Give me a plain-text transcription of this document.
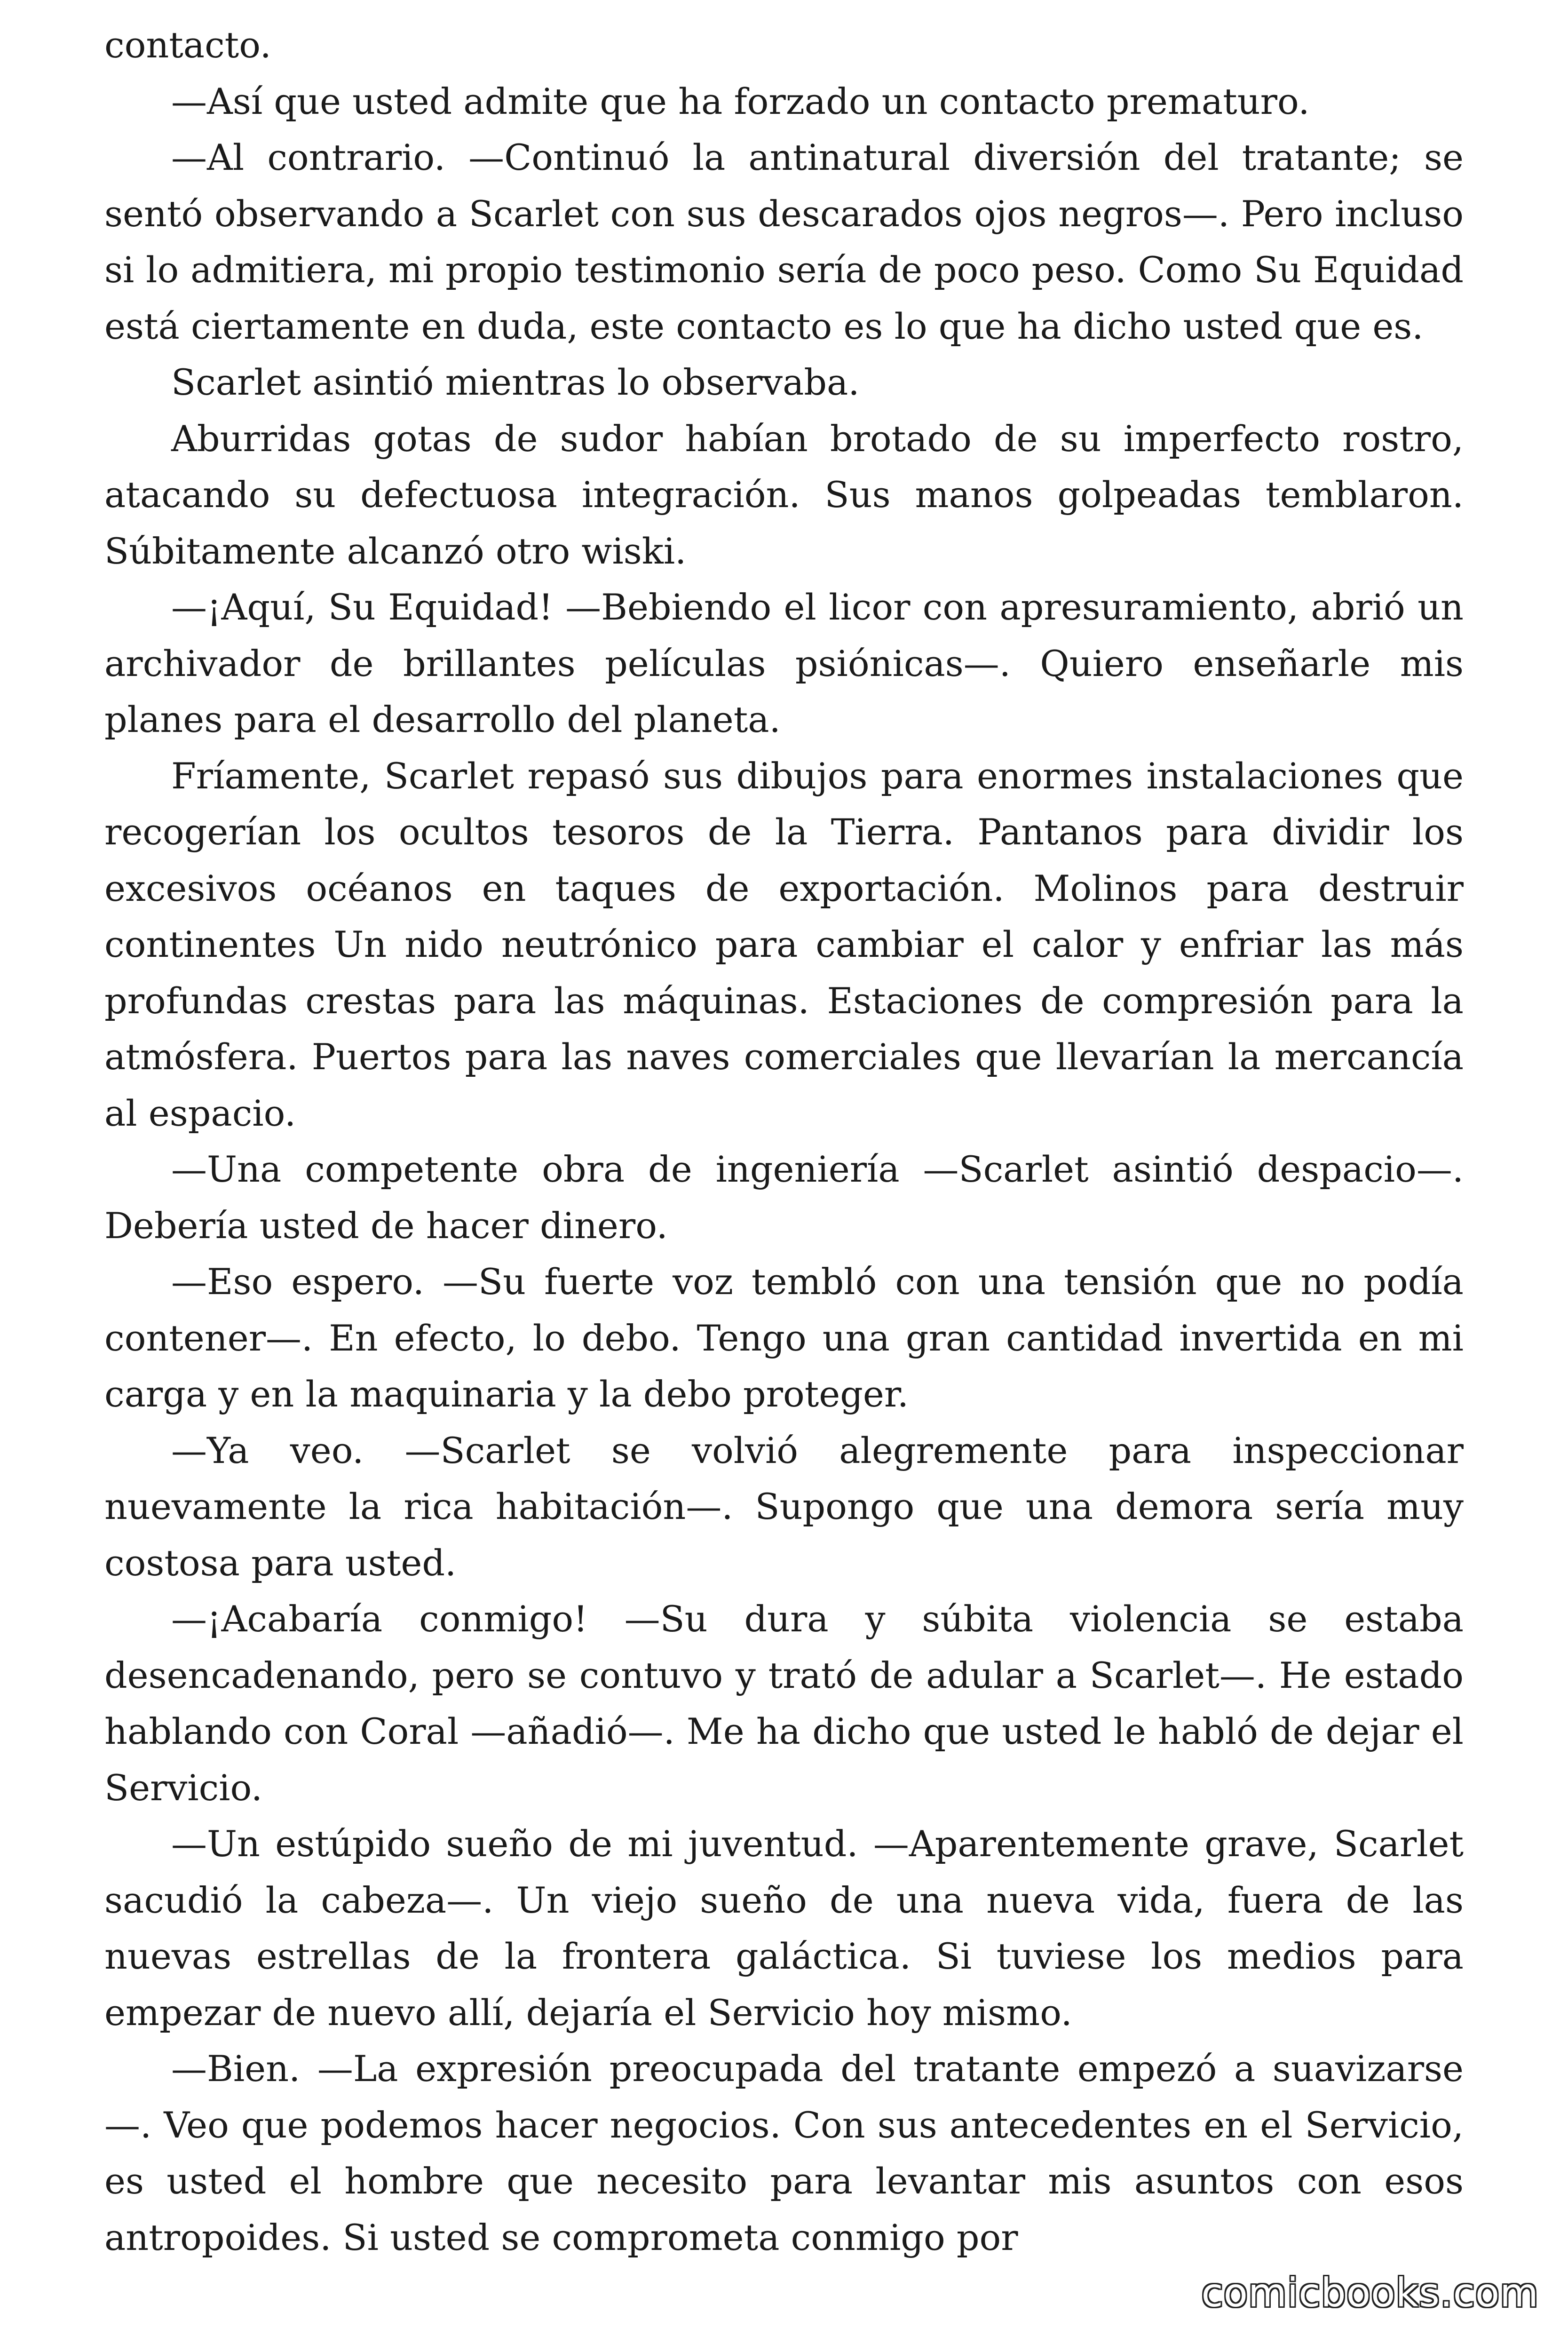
contacto.

—Así que usted admite que ha forzado un contacto prematuro.

—Al contrario. —Continuó la antinatural diversión del tratante; se sentó observando a Scarlet con sus descarados ojos negros—. Pero incluso si lo admitiera, mi propio testimonio sería de poco peso. Como Su Equidad está ciertamente en duda, este contacto es lo que ha dicho usted que es.

Scarlet asintió mientras lo observaba.

Aburridas gotas de sudor habían brotado de su imperfecto rostro, atacando su defectuosa integración. Sus manos golpeadas temblaron. Súbitamente alcanzó otro wiski.

—¡Aquí, Su Equidad! —Bebiendo el licor con apresuramiento, abrió un archivador de brillantes películas psiónicas—. Quiero enseñarle mis planes para el desarrollo del planeta.

Fríamente, Scarlet repasó sus dibujos para enormes instalaciones que recogerían los ocultos tesoros de la Tierra. Pantanos para dividir los excesivos océanos en taques de exportación. Molinos para destruir continentes Un nido neutrónico para cambiar el calor y enfriar las más profundas crestas para las máquinas. Estaciones de compresión para la atmósfera. Puertos para las naves comerciales que llevarían la mercancía al espacio.

—Una competente obra de ingeniería —Scarlet asintió despacio—. Debería usted de hacer dinero.

—Eso espero. —Su fuerte voz tembló con una tensión que no podía contener—. En efecto, lo debo. Tengo una gran cantidad invertida en mi carga y en la maquinaria y la debo proteger.

—Ya veo. —Scarlet se volvió alegremente para inspeccionar nuevamente la rica habitación—. Supongo que una demora sería muy costosa para usted.

—¡Acabaría conmigo! —Su dura y súbita violencia se estaba desencadenando, pero se contuvo y trató de adular a Scarlet—. He estado hablando con Coral —añadió—. Me ha dicho que usted le habló de dejar el Servicio.

—Un estúpido sueño de mi juventud. —Aparentemente grave, Scarlet sacudió la cabeza—. Un viejo sueño de una nueva vida, fuera de las nuevas estrellas de la frontera galáctica. Si tuviese los medios para empezar de nuevo allí, dejaría el Servicio hoy mismo.

—Bien. —La expresión preocupada del tratante empezó a suavizarse—. Veo que podemos hacer negocios. Con sus antecedentes en el Servicio, es usted el hombre que necesito para levantar mis asuntos con esos antropoides. Si usted se comprometa conmigo por

comicbooks.com
